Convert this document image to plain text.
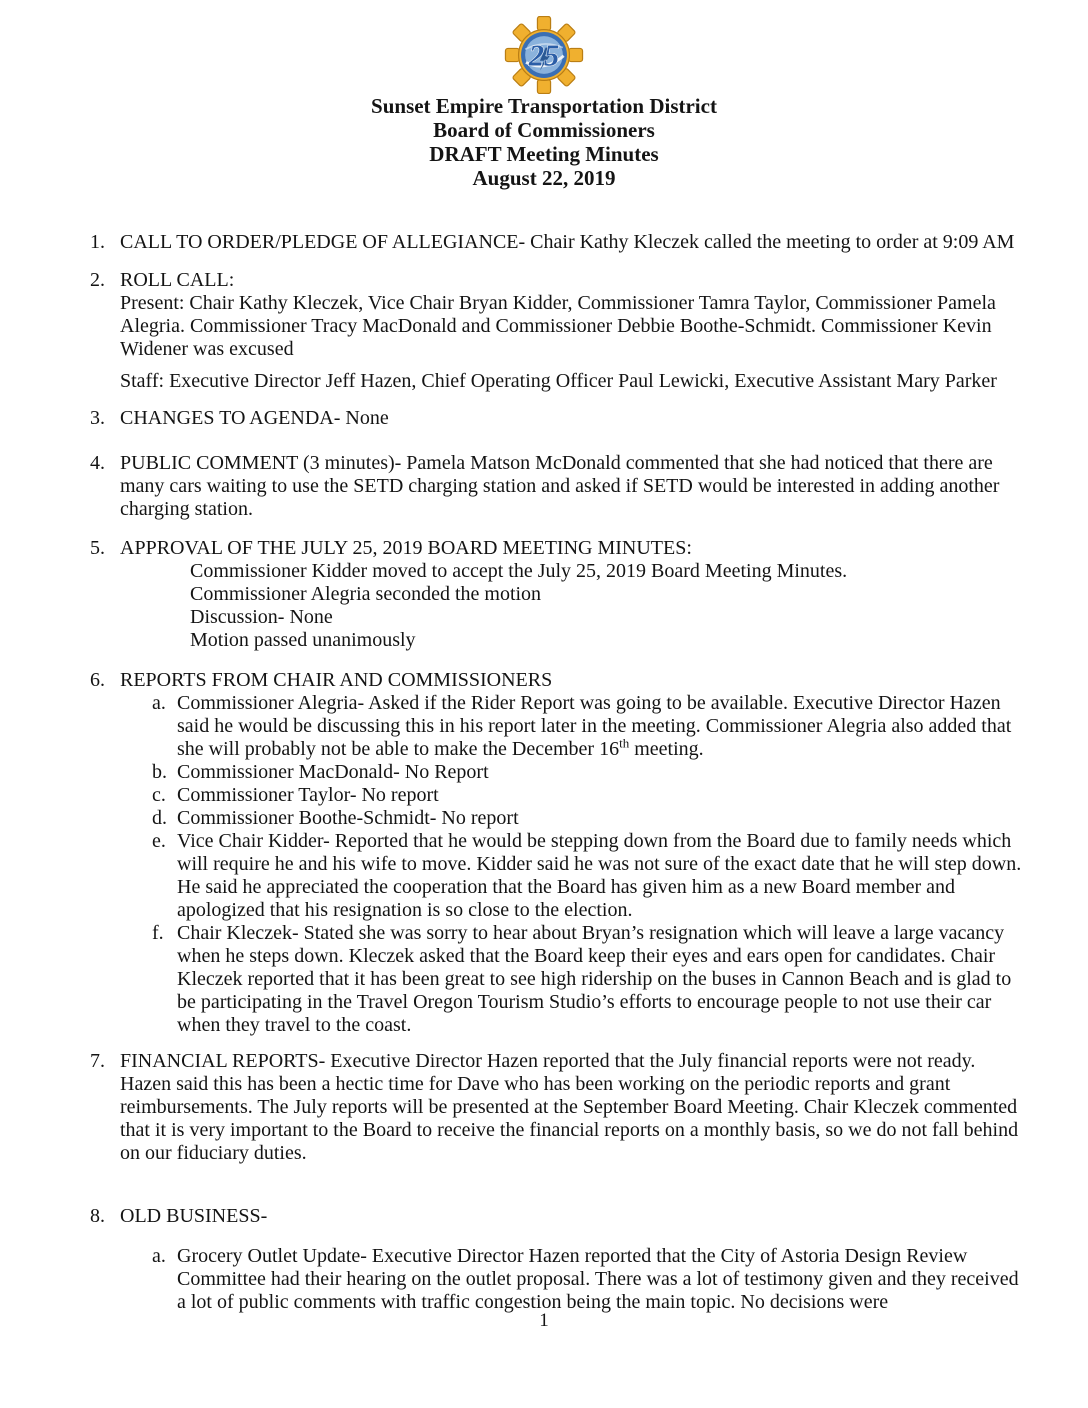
25
Sunset Empire Transportation District
Board of Commissioners
DRAFT Meeting Minutes
August 22, 2019
1. CALL TO ORDER/PLEDGE OF ALLEGIANCE- Chair Kathy Kleczek called the meeting to order at 9:09 AM
2. ROLL CALL:
Present: Chair Kathy Kleczek, Vice Chair Bryan Kidder, Commissioner Tamra Taylor, Commissioner Pamela Alegria. Commissioner Tracy MacDonald and Commissioner Debbie Boothe-Schmidt. Commissioner Kevin Widener was excused
Staff: Executive Director Jeff Hazen, Chief Operating Officer Paul Lewicki, Executive Assistant Mary Parker
3. CHANGES TO AGENDA- None
4. PUBLIC COMMENT (3 minutes)- Pamela Matson McDonald commented that she had noticed that there are many cars waiting to use the SETD charging station and asked if SETD would be interested in adding another charging station.
5. APPROVAL OF THE JULY 25, 2019 BOARD MEETING MINUTES:
Commissioner Kidder moved to accept the July 25, 2019 Board Meeting Minutes.
Commissioner Alegria seconded the motion
Discussion- None
Motion passed unanimously
6. REPORTS FROM CHAIR AND COMMISSIONERS
a. Commissioner Alegria- Asked if the Rider Report was going to be available. Executive Director Hazen said he would be discussing this in his report later in the meeting. Commissioner Alegria also added that she will probably not be able to make the December 16th meeting.
b. Commissioner MacDonald- No Report
c. Commissioner Taylor- No report
d. Commissioner Boothe-Schmidt- No report
e. Vice Chair Kidder- Reported that he would be stepping down from the Board due to family needs which will require he and his wife to move. Kidder said he was not sure of the exact date that he will step down. He said he appreciated the cooperation that the Board has given him as a new Board member and apologized that his resignation is so close to the election.
f. Chair Kleczek- Stated she was sorry to hear about Bryan’s resignation which will leave a large vacancy when he steps down. Kleczek asked that the Board keep their eyes and ears open for candidates. Chair Kleczek reported that it has been great to see high ridership on the buses in Cannon Beach and is glad to be participating in the Travel Oregon Tourism Studio’s efforts to encourage people to not use their car when they travel to the coast.
7. FINANCIAL REPORTS- Executive Director Hazen reported that the July financial reports were not ready. Hazen said this has been a hectic time for Dave who has been working on the periodic reports and grant reimbursements. The July reports will be presented at the September Board Meeting. Chair Kleczek commented that it is very important to the Board to receive the financial reports on a monthly basis, so we do not fall behind on our fiduciary duties.
8. OLD BUSINESS-
a. Grocery Outlet Update- Executive Director Hazen reported that the City of Astoria Design Review Committee had their hearing on the outlet proposal. There was a lot of testimony given and they received a lot of public comments with traffic congestion being the main topic. No decisions were
1
